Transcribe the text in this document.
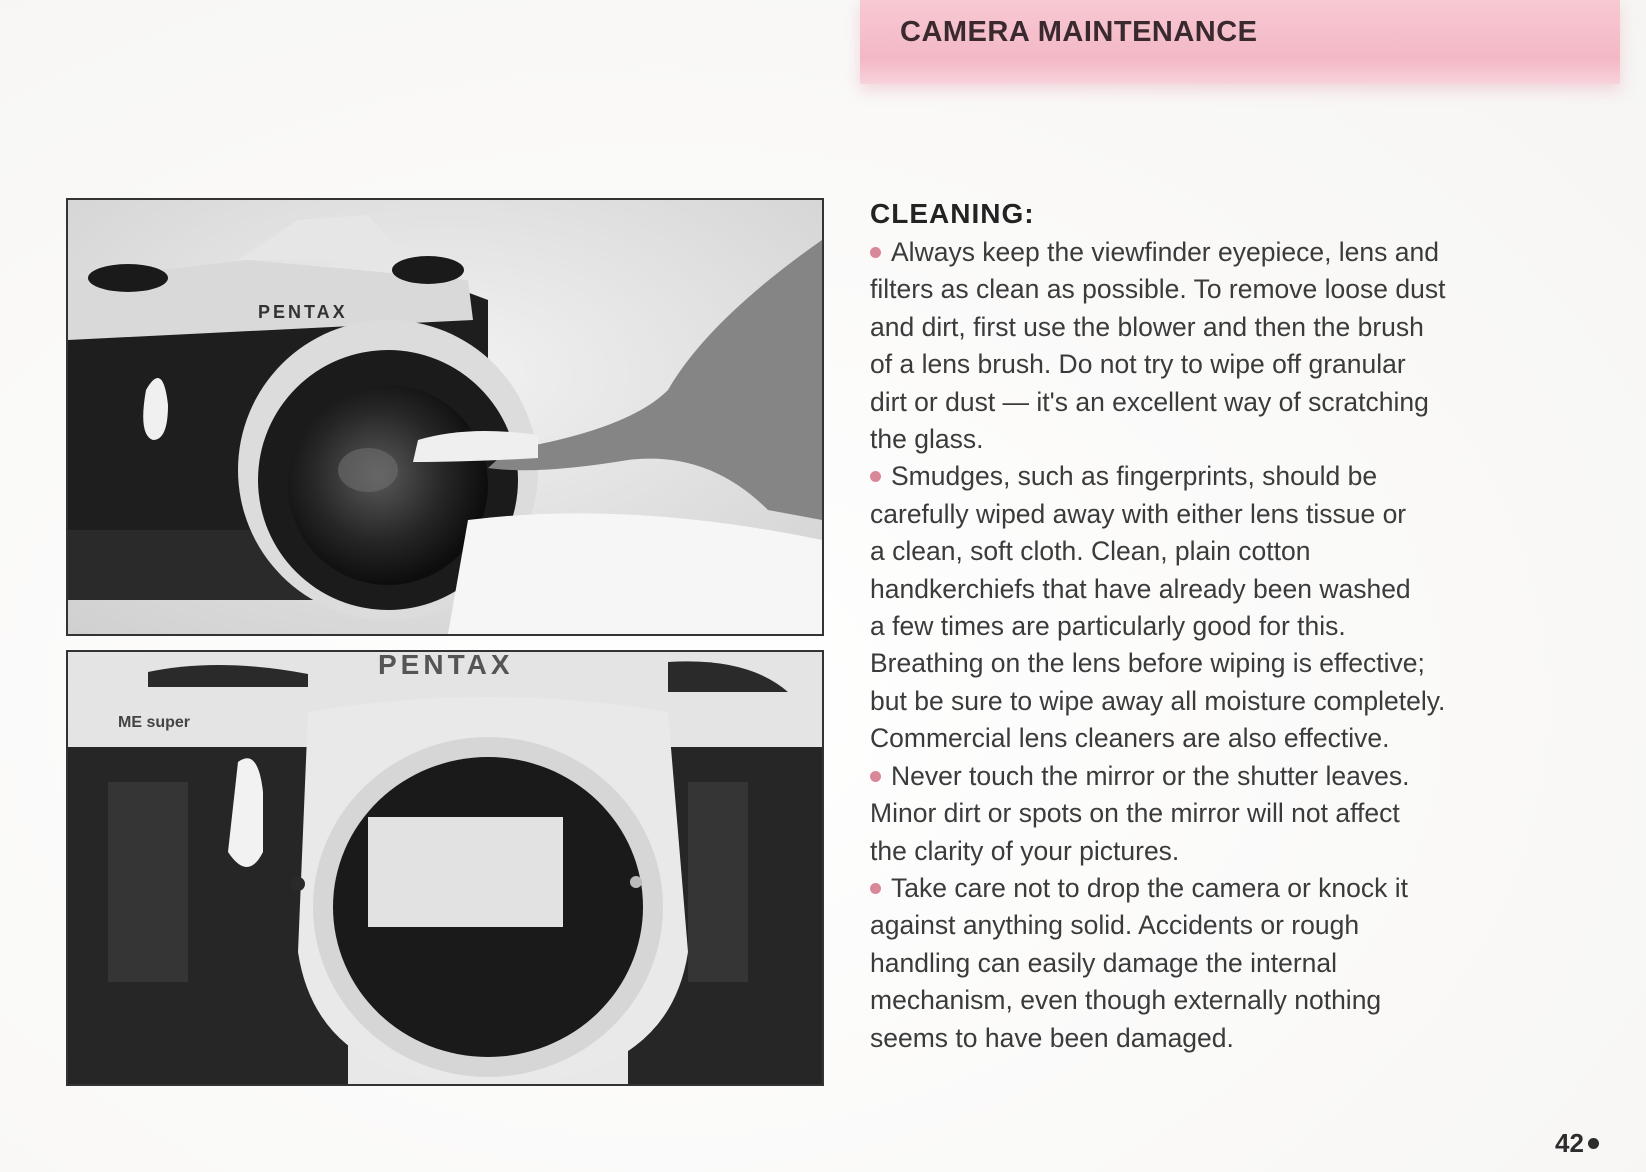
CAMERA MAINTENANCE
PENTAX
PENTAX
ME super
CLEANING:

Always keep the viewfinder eyepiece, lens and
filters as clean as possible. To remove loose dust
and dirt, first use the blower and then the brush
of a lens brush. Do not try to wipe off granular
dirt or dust — it's an excellent way of scratching
the glass.

Smudges, such as fingerprints, should be
carefully wiped away with either lens tissue or
a clean, soft cloth. Clean, plain cotton
handkerchiefs that have already been washed
a few times are particularly good for this.
Breathing on the lens before wiping is effective;
but be sure to wipe away all moisture completely.
Commercial lens cleaners are also effective.

Never touch the mirror or the shutter leaves.
Minor dirt or spots on the mirror will not affect
the clarity of your pictures.

Take care not to drop the camera or knock it
against anything solid. Accidents or rough
handling can easily damage the internal
mechanism, even though externally nothing
seems to have been damaged.

42
